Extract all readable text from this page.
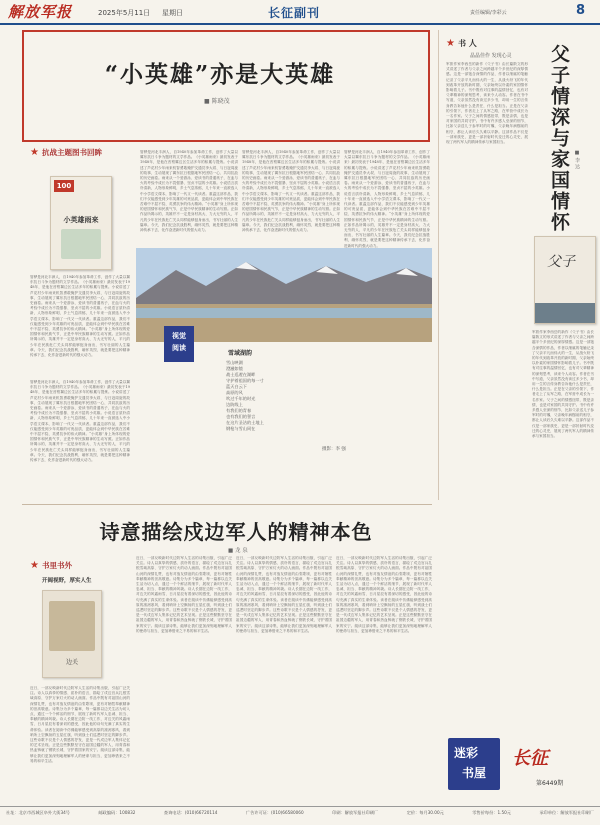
解放军报	2025年5月11日 星期日	长征副刊	责任编辑/李彩云	8
“小英雄”亦是大英雄
■ 陈晓茂
★ 抗战主题图书回眸
100
小英雄雨来
管桦是河北丰润人，自1940年参加革命工作，创作了大量以冀东抗日斗争为题材的文学作品。《小英雄雨来》最初发表于1948年，是他在晋察冀边区生活多年的积累与提炼。小说讲述了芦花村少年雨来机智勇敢掩护交通员李大叔、与日寇周旋的故事，生动展现了冀东抗日根据地军民团结一心、共同抗敌的历史画卷。雨来从一个爱游泳、爱读书的普通孩子，在血与火的考验中成长为不畏强暴、坚贞不屈的小英雄。小说语言质朴清新，人物形象鲜明，乡土气息浓郁，几十年来一直被选入中小学语文课本，影响了一代又一代读者。重温这部作品，我们不仅能感受到少年英雄的可贵品质，更能体会到中华民族在苦难中不屈不挠、英勇抗争的伟大精神。“小英雄”身上所体现的爱国情怀和民族气节，正是中华民族精神的生动写照。正如作品所揭示的，英雄并不一定是身材高大、力大无穷的人，平凡的少年在民族危亡关头同样能够挺身而出，书写壮丽的人生篇章。今天，我们纪念抗战胜利，缅怀英烈，就是要把这种精神传承下去，化作奋进新时代的强大动力。
管桦是河北丰润人，自1940年参加革命工作，创作了大量以冀东抗日斗争为题材的文学作品。《小英雄雨来》最初发表于1948年，是他在晋察冀边区生活多年的积累与提炼。小说讲述了芦花村少年雨来机智勇敢掩护交通员李大叔、与日寇周旋的故事，生动展现了冀东抗日根据地军民团结一心、共同抗敌的历史画卷。雨来从一个爱游泳、爱读书的普通孩子，在血与火的考验中成长为不畏强暴、坚贞不屈的小英雄。小说语言质朴清新，人物形象鲜明，乡土气息浓郁，几十年来一直被选入中小学语文课本，影响了一代又一代读者。重温这部作品，我们不仅能感受到少年英雄的可贵品质，更能体会到中华民族在苦难中不屈不挠、英勇抗争的伟大精神。“小英雄”身上所体现的爱国情怀和民族气节，正是中华民族精神的生动写照。正如作品所揭示的，英雄并不一定是身材高大、力大无穷的人，平凡的少年在民族危亡关头同样能够挺身而出，书写壮丽的人生篇章。今天，我们纪念抗战胜利，缅怀英烈，就是要把这种精神传承下去，化作奋进新时代的强大动力。
管桦是河北丰润人，自1940年参加革命工作，创作了大量以冀东抗日斗争为题材的文学作品。《小英雄雨来》最初发表于1948年，是他在晋察冀边区生活多年的积累与提炼。小说讲述了芦花村少年雨来机智勇敢掩护交通员李大叔、与日寇周旋的故事，生动展现了冀东抗日根据地军民团结一心、共同抗敌的历史画卷。雨来从一个爱游泳、爱读书的普通孩子，在血与火的考验中成长为不畏强暴、坚贞不屈的小英雄。小说语言质朴清新，人物形象鲜明，乡土气息浓郁，几十年来一直被选入中小学语文课本，影响了一代又一代读者。重温这部作品，我们不仅能感受到少年英雄的可贵品质，更能体会到中华民族在苦难中不屈不挠、英勇抗争的伟大精神。“小英雄”身上所体现的爱国情怀和民族气节，正是中华民族精神的生动写照。正如作品所揭示的，英雄并不一定是身材高大、力大无穷的人，平凡的少年在民族危亡关头同样能够挺身而出，书写壮丽的人生篇章。今天，我们纪念抗战胜利，缅怀英烈，就是要把这种精神传承下去，化作奋进新时代的强大动力。
管桦是河北丰润人，自1940年参加革命工作，创作了大量以冀东抗日斗争为题材的文学作品。《小英雄雨来》最初发表于1948年，是他在晋察冀边区生活多年的积累与提炼。小说讲述了芦花村少年雨来机智勇敢掩护交通员李大叔、与日寇周旋的故事，生动展现了冀东抗日根据地军民团结一心、共同抗敌的历史画卷。雨来从一个爱游泳、爱读书的普通孩子，在血与火的考验中成长为不畏强暴、坚贞不屈的小英雄。小说语言质朴清新，人物形象鲜明，乡土气息浓郁，几十年来一直被选入中小学语文课本，影响了一代又一代读者。重温这部作品，我们不仅能感受到少年英雄的可贵品质，更能体会到中华民族在苦难中不屈不挠、英勇抗争的伟大精神。“小英雄”身上所体现的爱国情怀和民族气节，正是中华民族精神的生动写照。正如作品所揭示的，英雄并不一定是身材高大、力大无穷的人，平凡的少年在民族危亡关头同样能够挺身而出，书写壮丽的人生篇章。今天，我们纪念抗战胜利，缅怀英烈，就是要把这种精神传承下去，化作奋进新时代的强大动力。
★ 书 人
晶晶佳作 发现心灵
军旅作家李西岳的新作《父子书》由长篇散文的形式讲述了作者与父亲之间跨越半个多世纪的深厚情感。这是一部饱含深情的作品，作者以细腻的笔触记录了父亲平凡而伟大的一生，从战火纷飞的年代到改革开放的新时期，父亲始终以朴素的家国情怀影响着儿子。书中既有对往事的温情回忆，也有对父辈精神的深刻思考，读来令人动容。作者在书中写道，父亲虽然没有读过多少书，却用一生的言传身教告诉他什么是责任，什么是担当。正是在父亲的引领下，作者走上了从军之路，在军营中成长为一名作家。父子之间的情感纽带，既是亲情，也是对家国的共同守护。书中有许多感人至深的细节，比如父亲送儿子参军时的叮嘱，父亲晚年病榻前的相守，都让人读后久久难以平静。这部作品不仅是一部家族史，更是一部折射时代变迁的心灵史，展现了两代军人的精神传承与家国担当。
军旅作家李西岳的新作《父子书》由长篇散文的形式讲述了作者与父亲之间跨越半个多世纪的深厚情感。这是一部饱含深情的作品，作者以细腻的笔触记录了父亲平凡而伟大的一生，从战火纷飞的年代到改革开放的新时期，父亲始终以朴素的家国情怀影响着儿子。书中既有对往事的温情回忆，也有对父辈精神的深刻思考，读来令人动容。作者在书中写道，父亲虽然没有读过多少书，却用一生的言传身教告诉他什么是责任，什么是担当。正是在父亲的引领下，作者走上了从军之路，在军营中成长为一名作家。父子之间的情感纽带，既是亲情，也是对家国的共同守护。书中有许多感人至深的细节，比如父亲送儿子参军时的叮嘱，父亲晚年病榻前的相守，都让人读后久久难以平静。这部作品不仅是一部家族史，更是一部折射时代变迁的心灵史，展现了两代军人的精神传承与家国担当。
父子情深与家国情怀 ■ 李 达
父子
视觉
阅读
雪域湖韵
雪山映湖
澄澈如镜
战士巡逻在湖畔
守护着祖国的每一寸
蓝天白云下
高原的风
吹过千年的时光
边防线上
有我们的青春
也有我们的誓言
在这片圣洁的土地上
钢枪与雪山同在
摄影：李 强
管桦是河北丰润人，自1940年参加革命工作，创作了大量以冀东抗日斗争为题材的文学作品。《小英雄雨来》最初发表于1948年，是他在晋察冀边区生活多年的积累与提炼。小说讲述了芦花村少年雨来机智勇敢掩护交通员李大叔、与日寇周旋的故事，生动展现了冀东抗日根据地军民团结一心、共同抗敌的历史画卷。雨来从一个爱游泳、爱读书的普通孩子，在血与火的考验中成长为不畏强暴、坚贞不屈的小英雄。小说语言质朴清新，人物形象鲜明，乡土气息浓郁，几十年来一直被选入中小学语文课本，影响了一代又一代读者。重温这部作品，我们不仅能感受到少年英雄的可贵品质，更能体会到中华民族在苦难中不屈不挠、英勇抗争的伟大精神。“小英雄”身上所体现的爱国情怀和民族气节，正是中华民族精神的生动写照。正如作品所揭示的，英雄并不一定是身材高大、力大无穷的人，平凡的少年在民族危亡关头同样能够挺身而出，书写壮丽的人生篇章。今天，我们纪念抗战胜利，缅怀英烈，就是要把这种精神传承下去，化作奋进新时代的强大动力。
诗意描绘戍边军人的精神本色
■ 龙 泉
★ 书里书外
开阔视野，厚实人生
边关
近日，一部反映新时代边防军人生活的诗集出版，引起广泛关注。诗人以真挚的情感、质朴的语言，描绘了戍边官兵扎根雪域高原、守护万家灯火的动人画面。作品中既有对祖国山河的深情礼赞，也有对战友情谊的由衷歌颂，更有对牺牲奉献精神的崇高敬意。诗集分为多个篇章，每一篇都以边关生活为切入点，通过一个个鲜活的细节，展现了新时代军人忠诚、担当、奉献的精神风貌。诗人长期在边防一线工作，对边关的风霜雨雪、日月星辰有着深切的感受，因此他的诗句充满了真实的生命体验。读者在阅读中仿佛能够感受到高原的凛冽寒风，看到哨所上空飘扬的五星红旗，听到战士们巡逻时坚定的脚步声。这些诗歌不仅是个人情感的抒发，更是一代戍边军人集体记忆的艺术呈现。正是这些默默坚守在祖国边疆的军人，用青春和热血铸就了钢铁长城，守护着国家的安宁。阅读这部诗集，能够让我们更加深刻地理解军人的使命与担当，更加珍惜来之不易的和平生活。
近日，一部反映新时代边防军人生活的诗集出版，引起广泛关注。诗人以真挚的情感、质朴的语言，描绘了戍边官兵扎根雪域高原、守护万家灯火的动人画面。作品中既有对祖国山河的深情礼赞，也有对战友情谊的由衷歌颂，更有对牺牲奉献精神的崇高敬意。诗集分为多个篇章，每一篇都以边关生活为切入点，通过一个个鲜活的细节，展现了新时代军人忠诚、担当、奉献的精神风貌。诗人长期在边防一线工作，对边关的风霜雨雪、日月星辰有着深切的感受，因此他的诗句充满了真实的生命体验。读者在阅读中仿佛能够感受到高原的凛冽寒风，看到哨所上空飘扬的五星红旗，听到战士们巡逻时坚定的脚步声。这些诗歌不仅是个人情感的抒发，更是一代戍边军人集体记忆的艺术呈现。正是这些默默坚守在祖国边疆的军人，用青春和热血铸就了钢铁长城，守护着国家的安宁。阅读这部诗集，能够让我们更加深刻地理解军人的使命与担当，更加珍惜来之不易的和平生活。
近日，一部反映新时代边防军人生活的诗集出版，引起广泛关注。诗人以真挚的情感、质朴的语言，描绘了戍边官兵扎根雪域高原、守护万家灯火的动人画面。作品中既有对祖国山河的深情礼赞，也有对战友情谊的由衷歌颂，更有对牺牲奉献精神的崇高敬意。诗集分为多个篇章，每一篇都以边关生活为切入点，通过一个个鲜活的细节，展现了新时代军人忠诚、担当、奉献的精神风貌。诗人长期在边防一线工作，对边关的风霜雨雪、日月星辰有着深切的感受，因此他的诗句充满了真实的生命体验。读者在阅读中仿佛能够感受到高原的凛冽寒风，看到哨所上空飘扬的五星红旗，听到战士们巡逻时坚定的脚步声。这些诗歌不仅是个人情感的抒发，更是一代戍边军人集体记忆的艺术呈现。正是这些默默坚守在祖国边疆的军人，用青春和热血铸就了钢铁长城，守护着国家的安宁。阅读这部诗集，能够让我们更加深刻地理解军人的使命与担当，更加珍惜来之不易的和平生活。
近日，一部反映新时代边防军人生活的诗集出版，引起广泛关注。诗人以真挚的情感、质朴的语言，描绘了戍边官兵扎根雪域高原、守护万家灯火的动人画面。作品中既有对祖国山河的深情礼赞，也有对战友情谊的由衷歌颂，更有对牺牲奉献精神的崇高敬意。诗集分为多个篇章，每一篇都以边关生活为切入点，通过一个个鲜活的细节，展现了新时代军人忠诚、担当、奉献的精神风貌。诗人长期在边防一线工作，对边关的风霜雨雪、日月星辰有着深切的感受，因此他的诗句充满了真实的生命体验。读者在阅读中仿佛能够感受到高原的凛冽寒风，看到哨所上空飘扬的五星红旗，听到战士们巡逻时坚定的脚步声。这些诗歌不仅是个人情感的抒发，更是一代戍边军人集体记忆的艺术呈现。正是这些默默坚守在祖国边疆的军人，用青春和热血铸就了钢铁长城，守护着国家的安宁。阅读这部诗集，能够让我们更加深刻地理解军人的使命与担当，更加珍惜来之不易的和平生活。
迷彩
书屋
长征
第6449期
社址：北京市西城区阜外大街34号	邮政编码：100832	查询电话：(010)66720114	广告许可证：(010)66580060	印刷：解放军报社印刷厂	定价：每月30.00元	零售价每份：1.50元	承印单位：解放军报社印刷厂
